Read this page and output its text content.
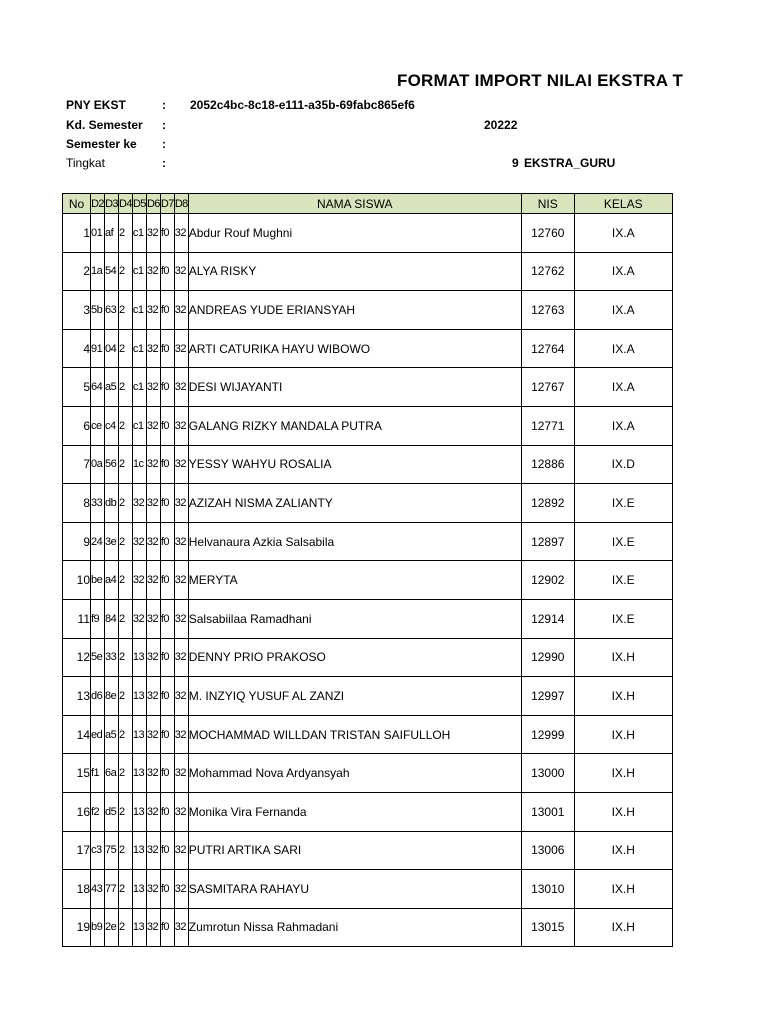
FORMAT IMPORT NILAI EKSTRA T
PNY EKST	: 2052c4bc-8c18-e111-a35b-69fabc865ef6
Kd. Semester :	20222
Semester ke :
Tingkat	:	9 EKSTRA_GURU
No	D2	D3	D4	D5	D6	D7	D8	NAMA SISWA	NIS	KELAS
1	01	af	2	c1	32	f0	32	Abdur Rouf Mughni	12760	IX.A
2	1a	54	2	c1	32	f0	32	ALYA RISKY	12762	IX.A
3	5b	63	2	c1	32	f0	32	ANDREAS YUDE ERIANSYAH	12763	IX.A
4	91	04	2	c1	32	f0	32	ARTI CATURIKA HAYU WIBOWO	12764	IX.A
5	64	a5	2	c1	32	f0	32	DESI WIJAYANTI	12767	IX.A
6	ce	c4	2	c1	32	f0	32	GALANG RIZKY MANDALA PUTRA	12771	IX.A
7	0a	56	2	1c	32	f0	32	YESSY WAHYU ROSALIA	12886	IX.D
8	33	db	2	32	32	f0	32	AZIZAH NISMA ZALIANTY	12892	IX.E
9	24	3e	2	32	32	f0	32	Helvanaura Azkia Salsabila	12897	IX.E
10	be	a4	2	32	32	f0	32	MERYTA	12902	IX.E
11	f9	84	2	32	32	f0	32	Salsabiilaa Ramadhani	12914	IX.E
12	5e	33	2	13	32	f0	32	DENNY PRIO PRAKOSO	12990	IX.H
13	d6	8e	2	13	32	f0	32	M. INZYIQ YUSUF AL ZANZI	12997	IX.H
14	ed	a5	2	13	32	f0	32	MOCHAMMAD WILLDAN TRISTAN SAIFULLOH	12999	IX.H
15	f1	6a	2	13	32	f0	32	Mohammad Nova Ardyansyah	13000	IX.H
16	f2	d5	2	13	32	f0	32	Monika Vira Fernanda	13001	IX.H
17	c3	75	2	13	32	f0	32	PUTRI ARTIKA SARI	13006	IX.H
18	43	77	2	13	32	f0	32	SASMITARA RAHAYU	13010	IX.H
19	b9	2e	2	13	32	f0	32	Zumrotun Nissa Rahmadani	13015	IX.H
